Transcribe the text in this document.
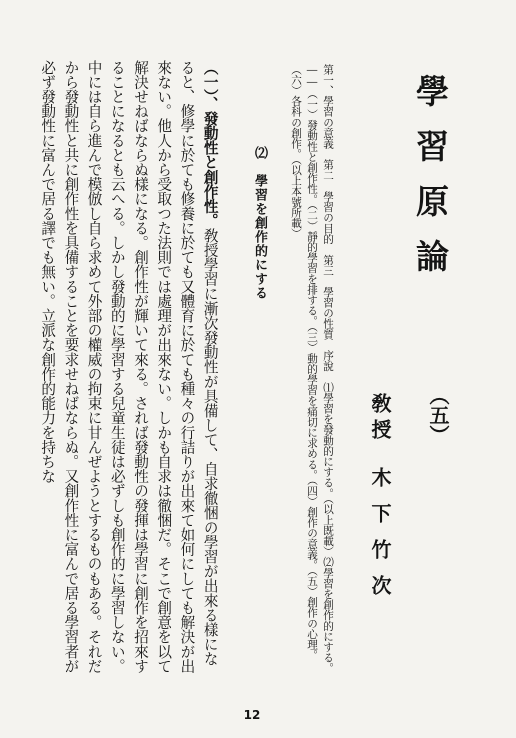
學習原論
（五）
敎授木下竹次
第一、學習の意義　第二　學習の目的　第三　學習の性質　序說　⑴學習を發動的にする。（以上既載）⑵學習を創作的にする。――（一）發動性と創作性。（二）靜的學習を排する。（三）動的學習を痛切に求める。（四）創作の意義。（五）創作の心理。（六）各科の創作。（以上本號所載）
⑵　學習を創作的にする
（一）、發動性と創作性。敎授學習に漸次發動性が具備して、自求徹悃の學習が出來る樣になると、修學に於ても修養に於ても又體育に於ても種々の行詰りが出來て如何にしても解決が出來ない。他人から受取つた法則では處理が出來ない。しかも自求は徹悃だ。そこで創意を以て解決せねばならぬ樣になる。創作性が輝いて來る。されば發動性の發揮は學習に創作を招來することになるとも云へる。しかし發動的に學習する兒童生徒は必ずしも創作的に學習しない。中には自ら進んで模倣し自ら求めて外部の權威の拘束に甘んぜようとするものもある。それだから發動性と共に創作性を具備することを要求せねばならぬ。又創作性に富んで居る學習者が必ず發動性に富んで居る譯でも無い。立派な創作的能力を持ちな
12
